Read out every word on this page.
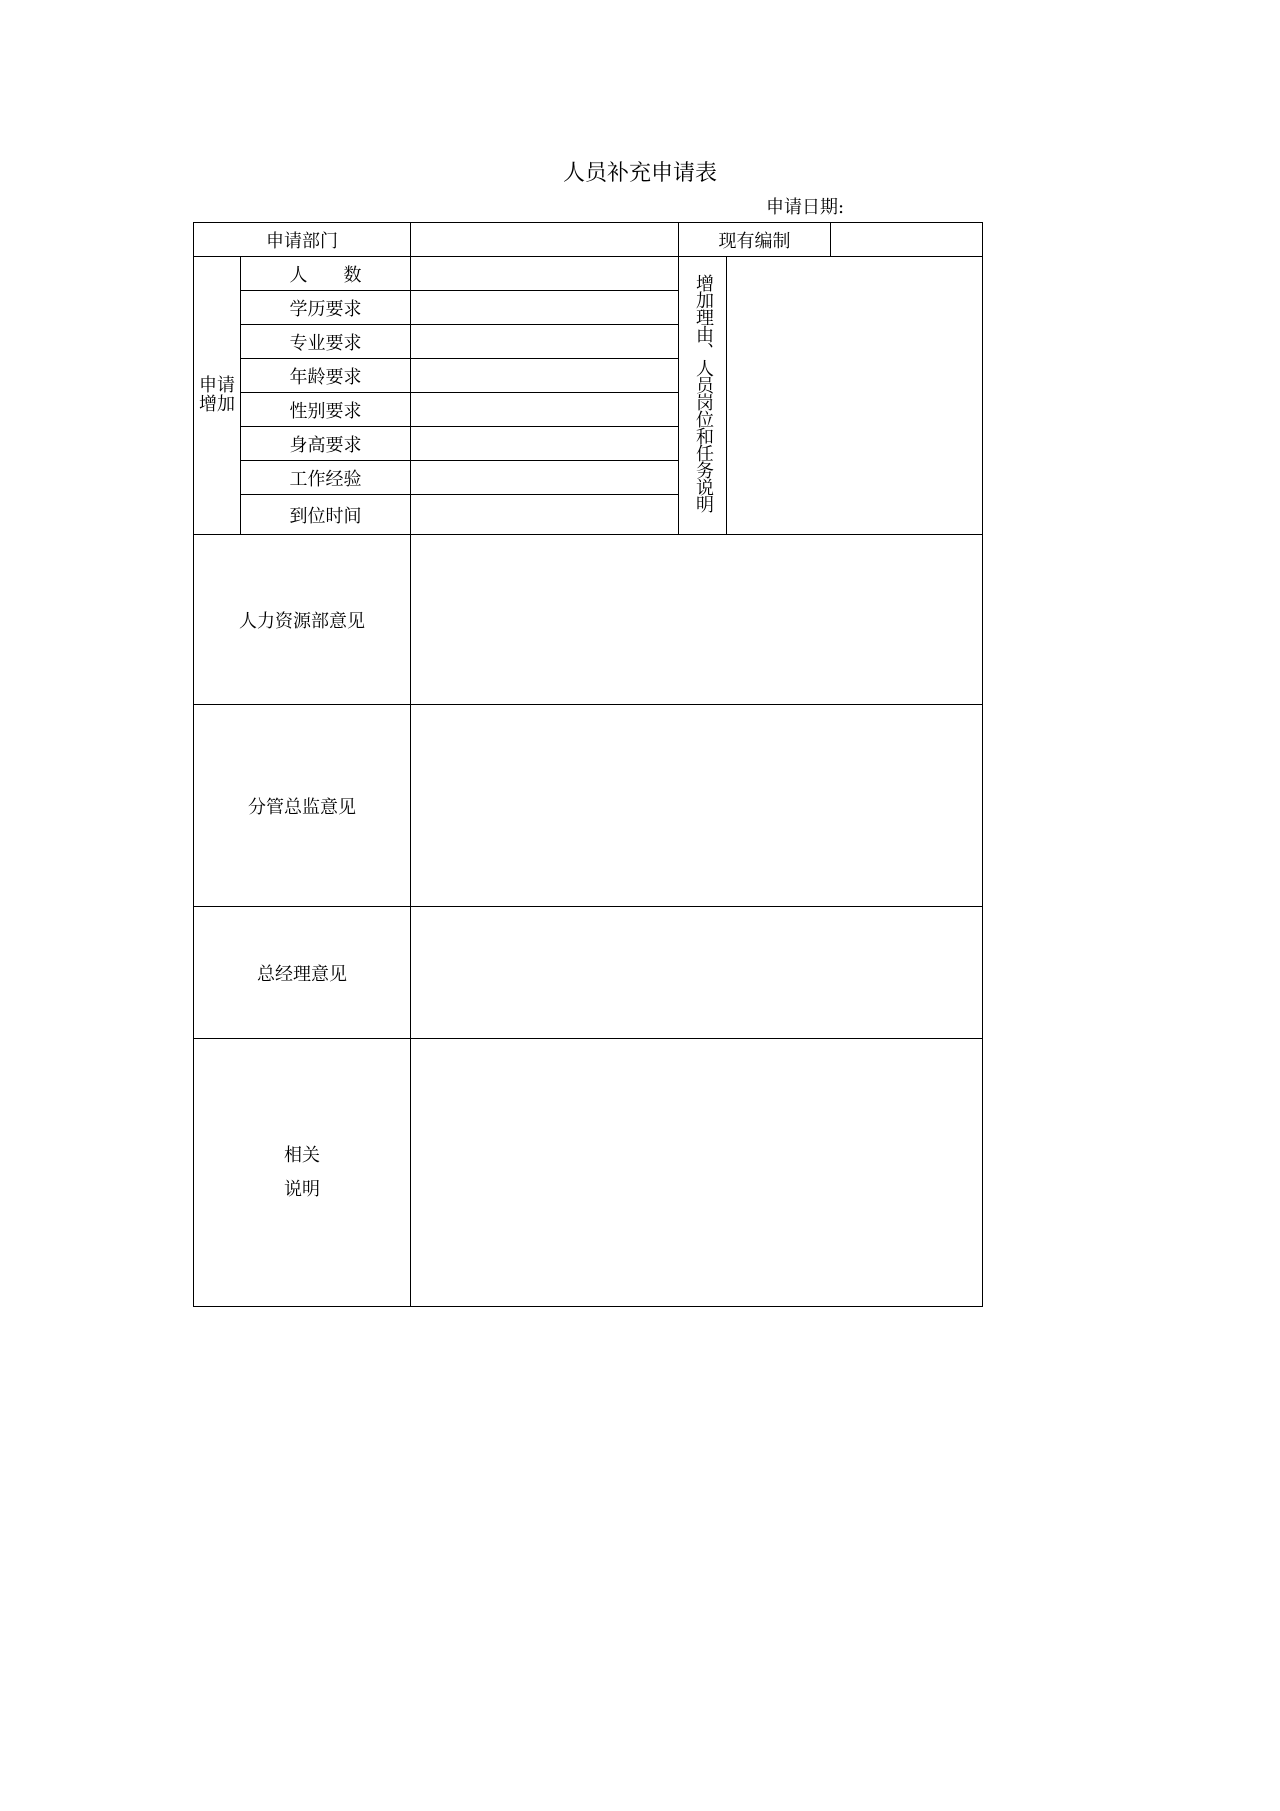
人员补充申请表
申请日期:
申请部门			现有编制		

申请
增加	人　　数		增加理由、人员岗位和任务说明		
	学历要求				
	专业要求				
	年龄要求				
	性别要求				
	身高要求				
	工作经验				
	到位时间				
人力资源部意见					
分管总监意见					
总经理意见					

相关
说明					
